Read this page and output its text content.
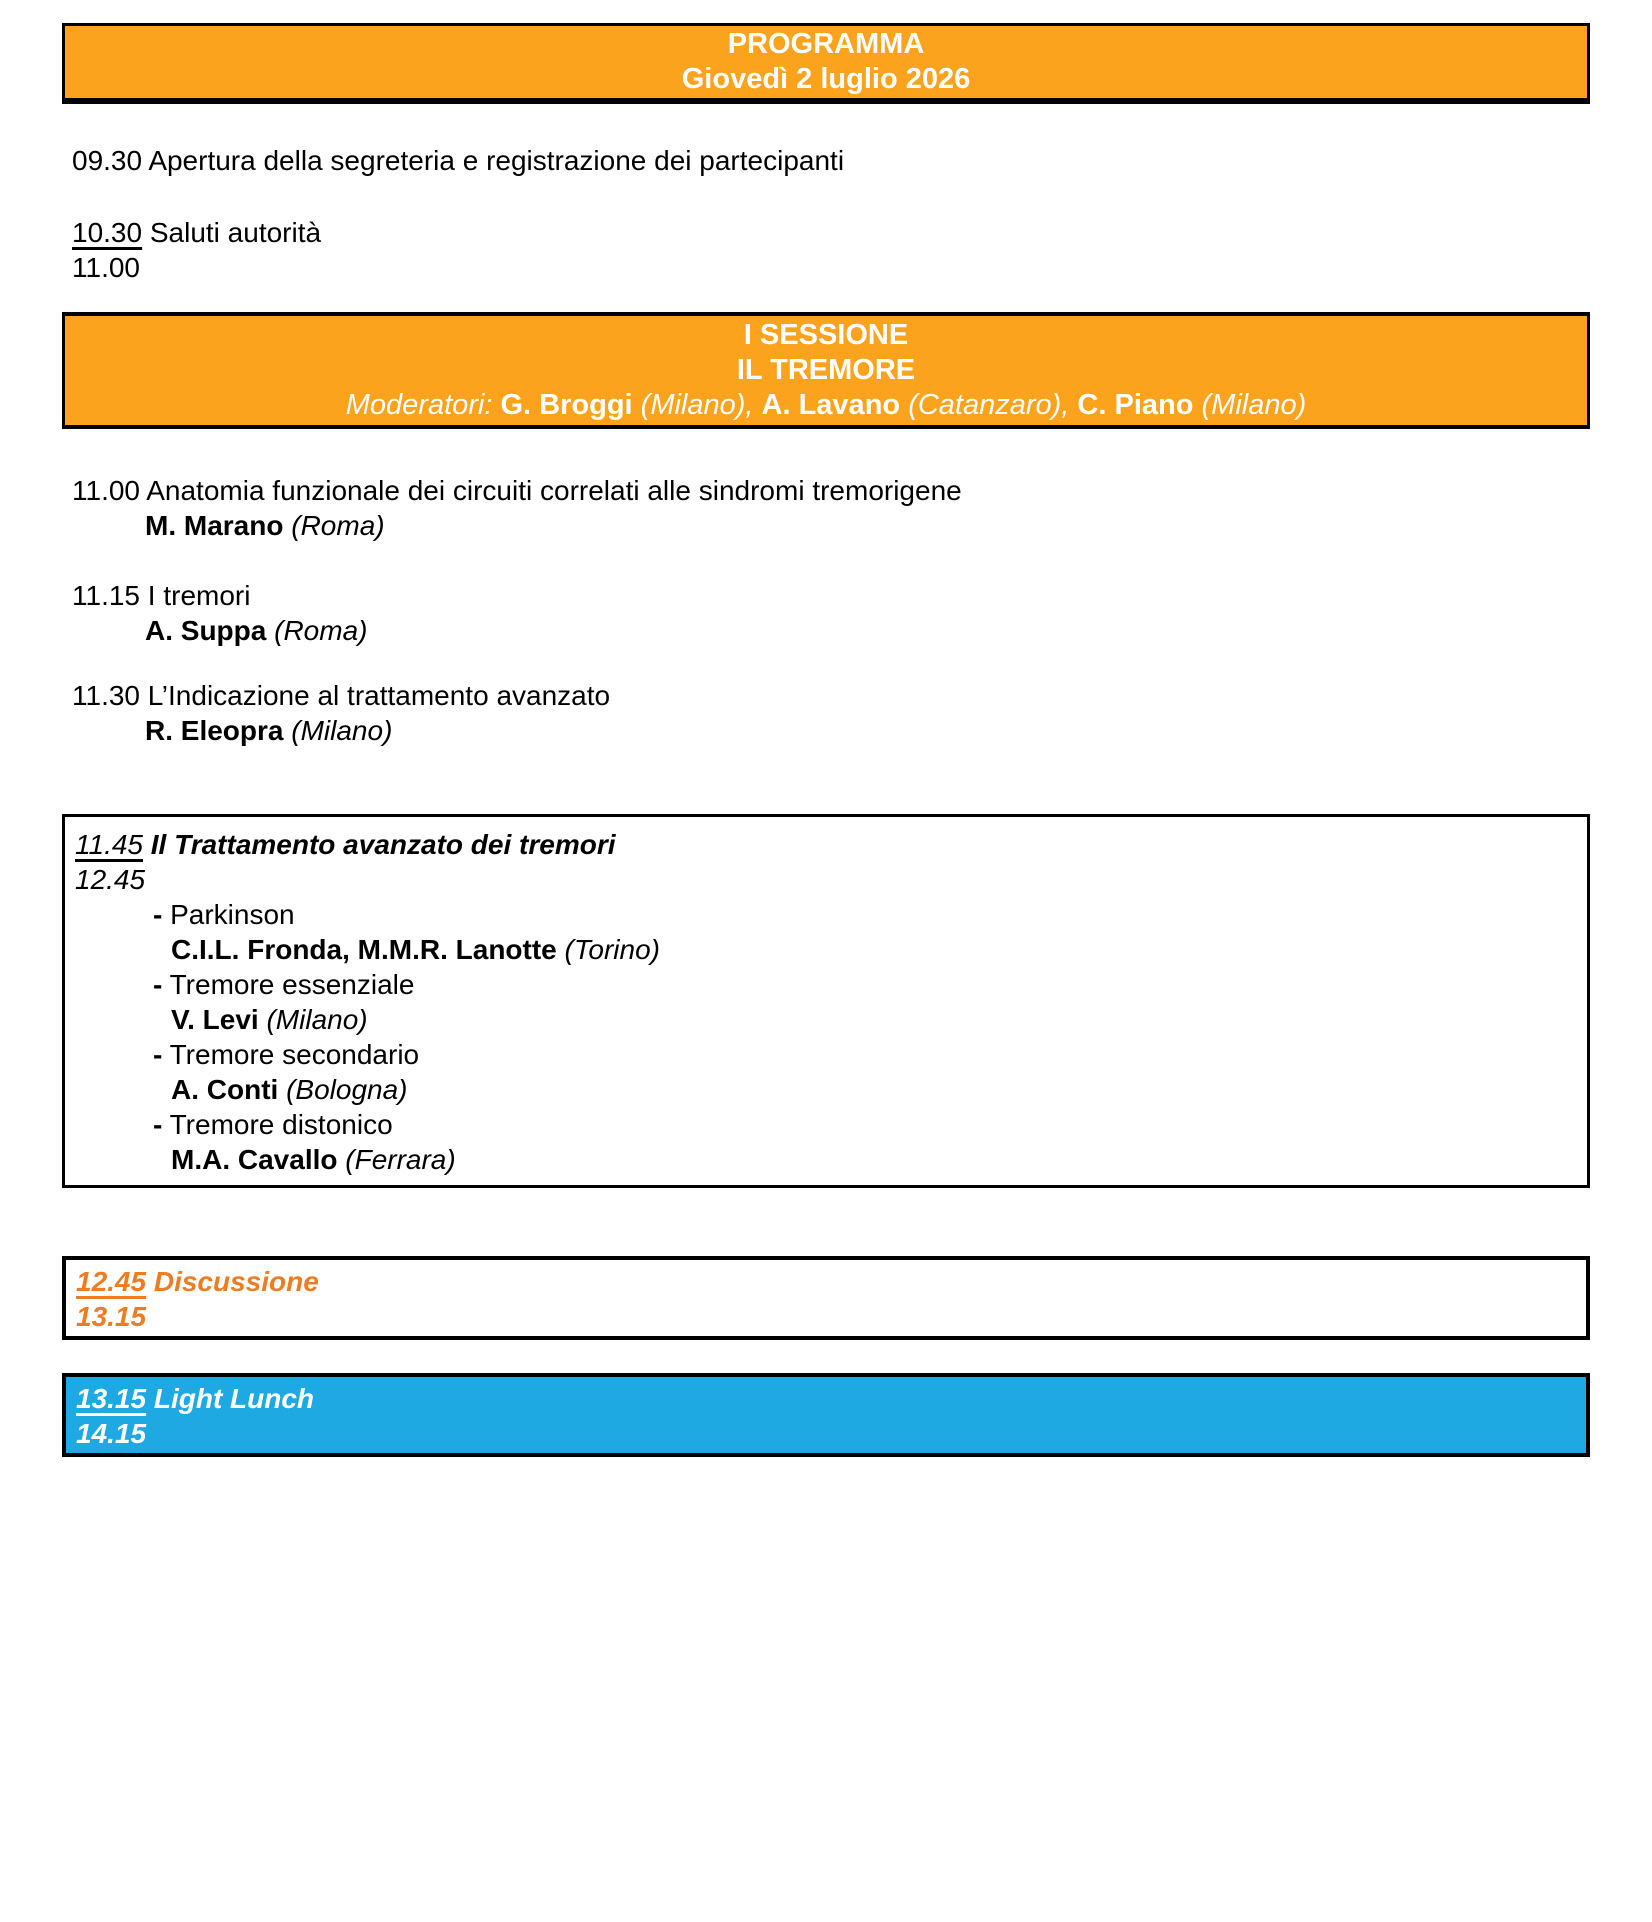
PROGRAMMA
Giovedì 2 luglio 2026
09.30 Apertura della segreteria e registrazione dei partecipanti
10.30 Saluti autorità
11.00
I SESSIONE
IL TREMORE
Moderatori: G. Broggi (Milano), A. Lavano (Catanzaro), C. Piano (Milano)
11.00 Anatomia funzionale dei circuiti correlati alle sindromi tremorigene
M. Marano (Roma)
11.15 I tremori
A. Suppa (Roma)
11.30 L’Indicazione al trattamento avanzato
R. Eleopra (Milano)
11.45 Il Trattamento avanzato dei tremori
12.45
- Parkinson
C.I.L. Fronda, M.M.R. Lanotte (Torino)
- Tremore essenziale
V. Levi (Milano)
- Tremore secondario
A. Conti (Bologna)
- Tremore distonico
M.A. Cavallo (Ferrara)
12.45 Discussione
13.15
13.15 Light Lunch
14.15
